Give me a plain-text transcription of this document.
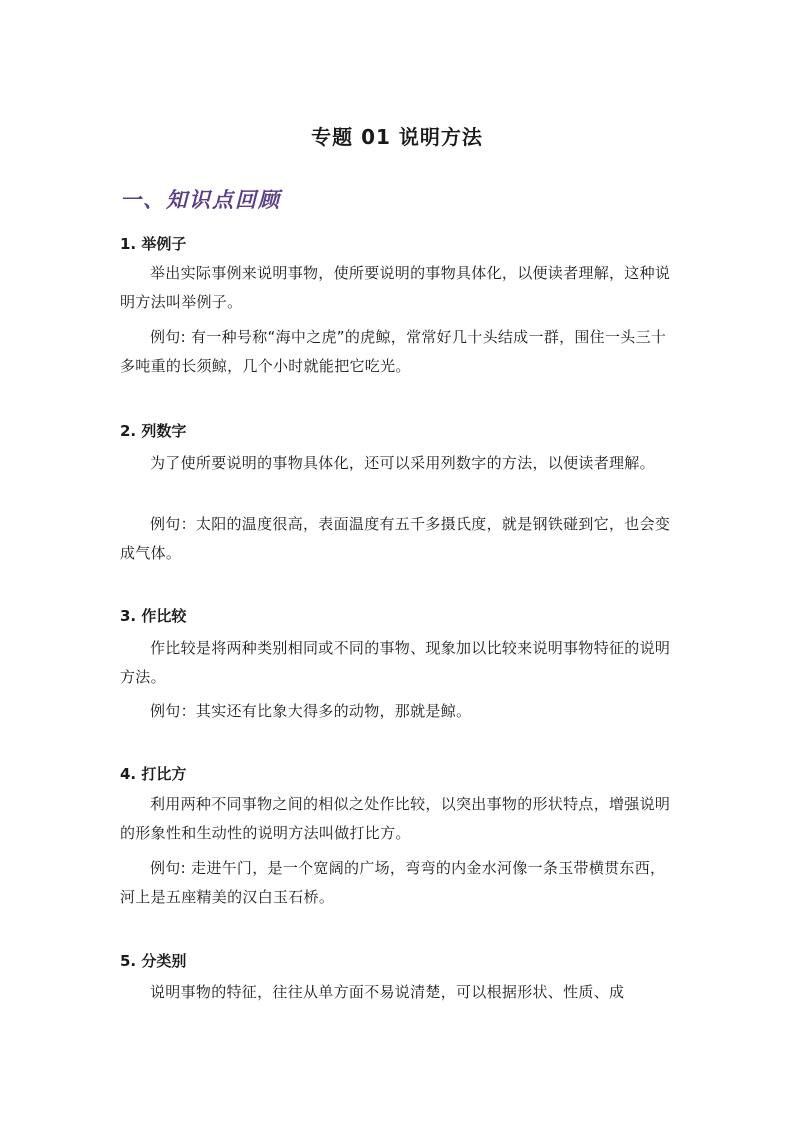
专题 01 说明方法
一、知识点回顾
1. 举例子

举出实际事例来说明事物，使所要说明的事物具体化，以便读者理解，这种说明方法叫举例子。

例句: 有一种号称“海中之虎”的虎鲸，常常好几十头结成一群，围住一头三十多吨重的长须鲸，几个小时就能把它吃光。

2. 列数字

为了使所要说明的事物具体化，还可以采用列数字的方法，以便读者理解。

例句：太阳的温度很高，表面温度有五千多摄氏度，就是钢铁碰到它，也会变成气体。

3. 作比较

作比较是将两种类别相同或不同的事物、现象加以比较来说明事物特征的说明方法。

例句：其实还有比象大得多的动物，那就是鲸。

4. 打比方

利用两种不同事物之间的相似之处作比较，以突出事物的形状特点，增强说明的形象性和生动性的说明方法叫做打比方。

例句: 走进午门，是一个宽阔的广场，弯弯的内金水河像一条玉带横贯东西，河上是五座精美的汉白玉石桥。

5. 分类别

说明事物的特征，往往从单方面不易说清楚，可以根据形状、性质、成
